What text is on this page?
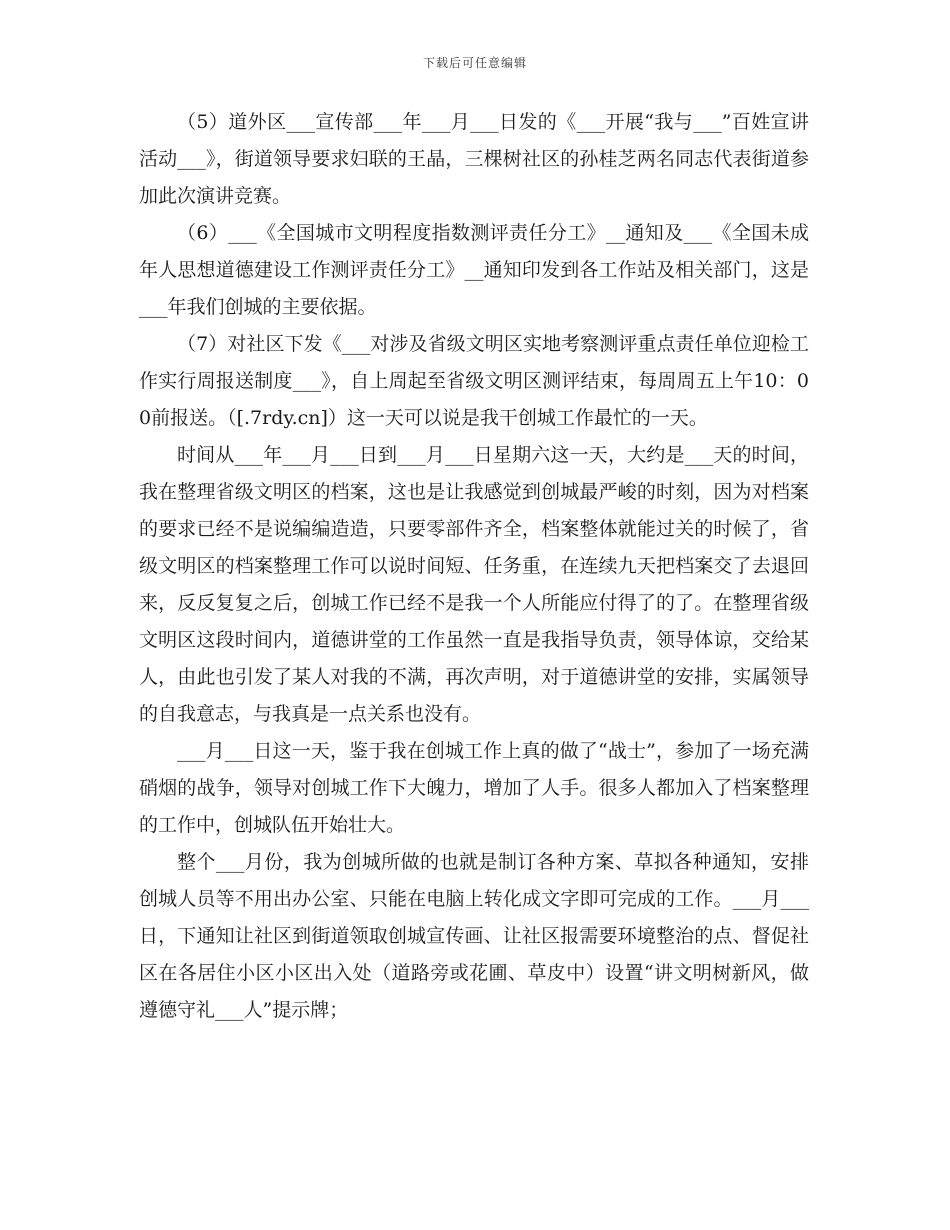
下载后可任意编辑

（5）道外区___宣传部___年___月___日发的《___开展“我与___”百姓宣讲活动___》，街道领导要求妇联的王晶，三棵树社区的孙桂芝两名同志代表街道参加此次演讲竞赛。

（6）___《全国城市文明程度指数测评责任分工》__通知及___《全国未成年人思想道德建设工作测评责任分工》__通知印发到各工作站及相关部门，这是___年我们创城的主要依据。

（7）对社区下发《___对涉及省级文明区实地考察测评重点责任单位迎检工作实行周报送制度___》，自上周起至省级文明区测评结束，每周周五上午10：00前报送。（[.7rdy.cn]）这一天可以说是我干创城工作最忙的一天。

时间从___年___月___日到___月___日星期六这一天，大约是___天的时间，我在整理省级文明区的档案，这也是让我感觉到创城最严峻的时刻，因为对档案的要求已经不是说编编造造，只要零部件齐全，档案整体就能过关的时候了，省级文明区的档案整理工作可以说时间短、任务重，在连续九天把档案交了去退回来，反反复复之后，创城工作已经不是我一个人所能应付得了的了。在整理省级文明区这段时间内，道德讲堂的工作虽然一直是我指导负责，领导体谅，交给某人，由此也引发了某人对我的不满，再次声明，对于道德讲堂的安排，实属领导的自我意志，与我真是一点关系也没有。

___月___日这一天，鉴于我在创城工作上真的做了“战士”，参加了一场充满硝烟的战争，领导对创城工作下大魄力，增加了人手。很多人都加入了档案整理的工作中，创城队伍开始壮大。

整个___月份，我为创城所做的也就是制订各种方案、草拟各种通知，安排创城人员等不用出办公室、只能在电脑上转化成文字即可完成的工作。___月___日，下通知让社区到街道领取创城宣传画、让社区报需要环境整治的点、督促社区在各居住小区小区出入处（道路旁或花圃、草皮中）设置“讲文明树新风，做遵德守礼___人”提示牌；
